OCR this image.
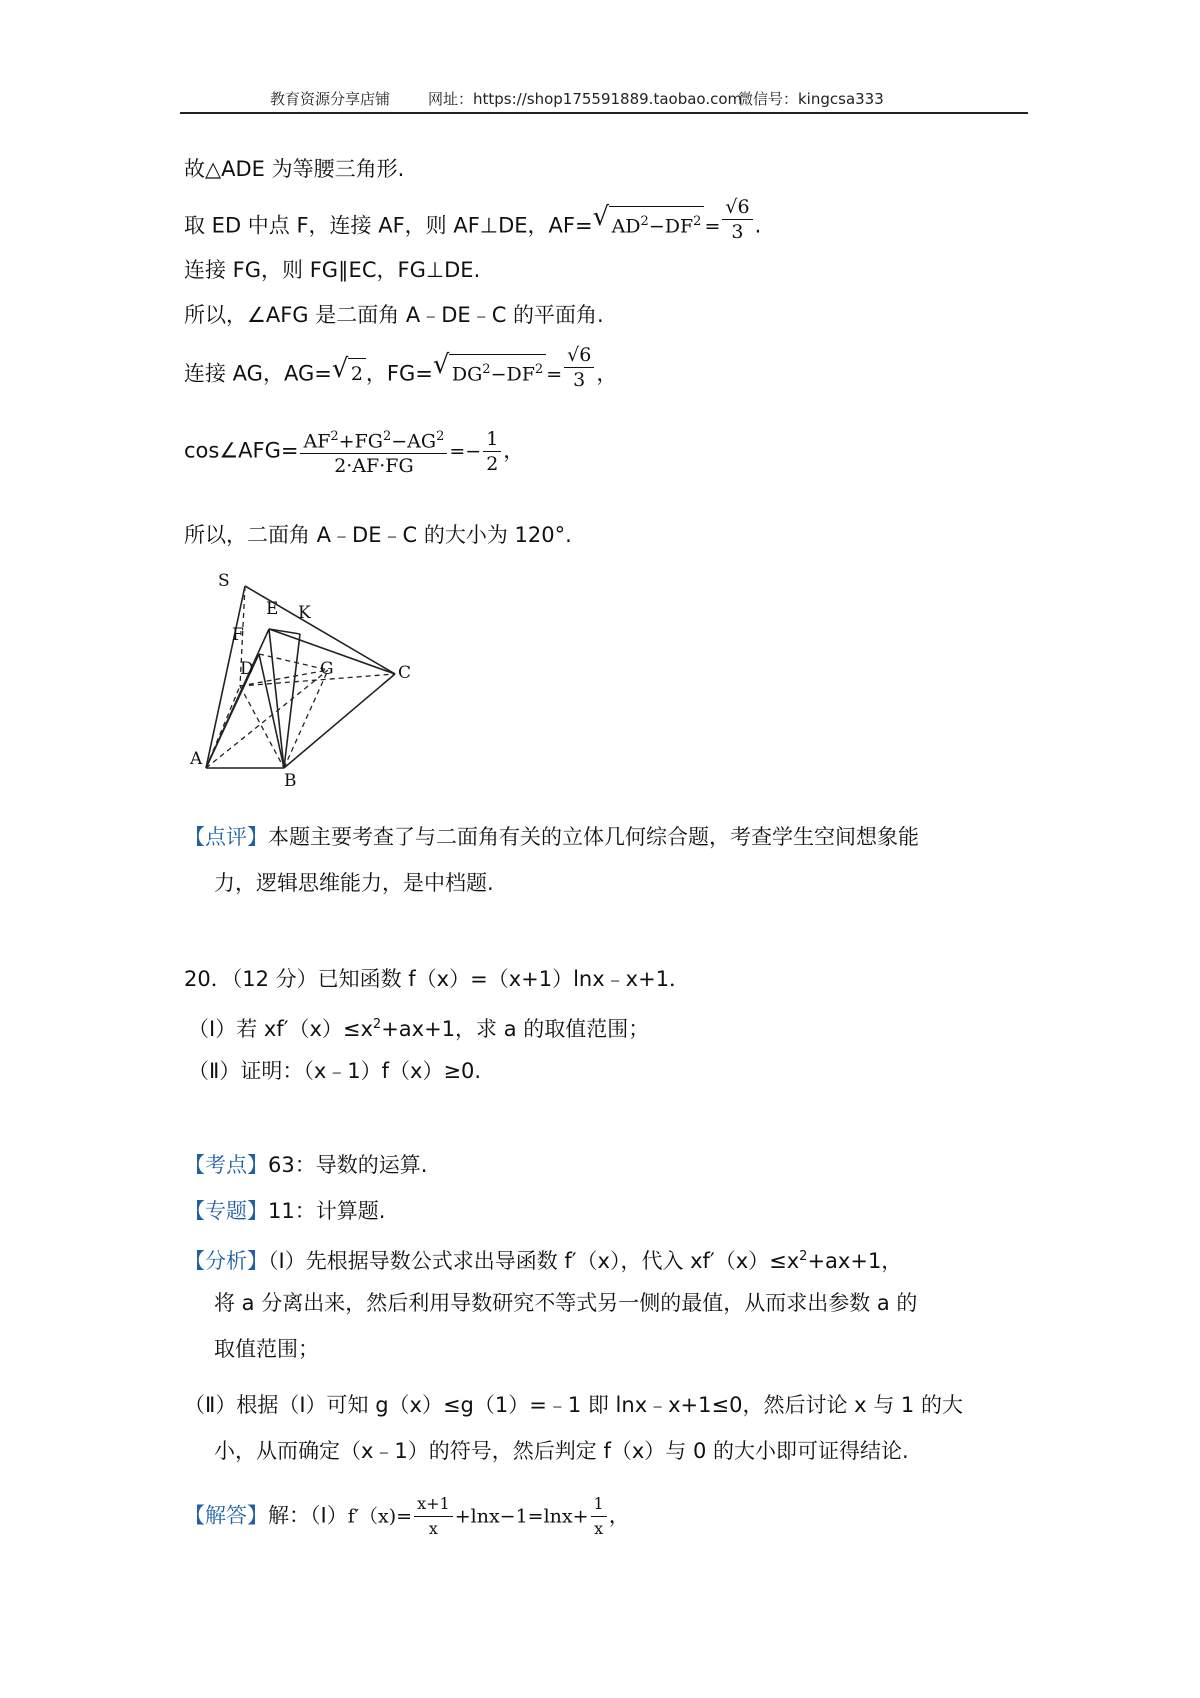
教育资源分享店铺	网址：https://shop175591889.taobao.com
微信号：kingcsa333
故△ADE 为等腰三角形.
取 ED 中点 F，连接 AF，则 AF⊥DE，AF= √ $AD^2-DF^2 = \frac{√6}{3}$ .
连接 FG，则 FG∥EC，FG⊥DE.
所以，∠AFG 是二面角 A﹣DE﹣C 的平面角.
连接 AG，AG= √ 2 ，FG= √ $DG^2-DF^2 = \frac{√6}{3}$ ，
cos∠AFG= $\frac{AF^2+FG^2-AG^2}{2\cdot AF\cdot FG} =- \frac{1}{2}$ ，
所以，二面角 A﹣DE﹣C 的大小为 120°.
S
E K
F
D	G	C
A
B
【点评】本题主要考查了与二面角有关的立体几何综合题，考查学生空间想象能
力，逻辑思维能力，是中档题.
20．（12 分）已知函数 f（x）=（x+1）lnx﹣x+1．
（Ⅰ）若 $xf'(x)\le x^2+ax+1$，求 a 的取值范围；
（Ⅱ）证明：（x﹣1）f（x）≥0.
【考点】63：导数的运算.
【专题】11：计算题.
【分析】（Ⅰ）先根据导数公式求出导函数 f′（x），代入 $xf'(x)\le x^2+ax+1$，
将 a 分离出来，然后利用导数研究不等式另一侧的最值，从而求出参数 a 的
取值范围；
（Ⅱ）根据（Ⅰ）可知 g（x）≤g（1）=﹣1 即 lnx﹣x+1≤0，然后讨论 x 与 1 的大
小，从而确定（x﹣1）的符号，然后判定 f（x）与 0 的大小即可证得结论.
【解答】解：（Ⅰ）f′（x)= $\frac{x+1}{x} +\ln x-1=\ln x+ \frac{1}{x}$ ，
